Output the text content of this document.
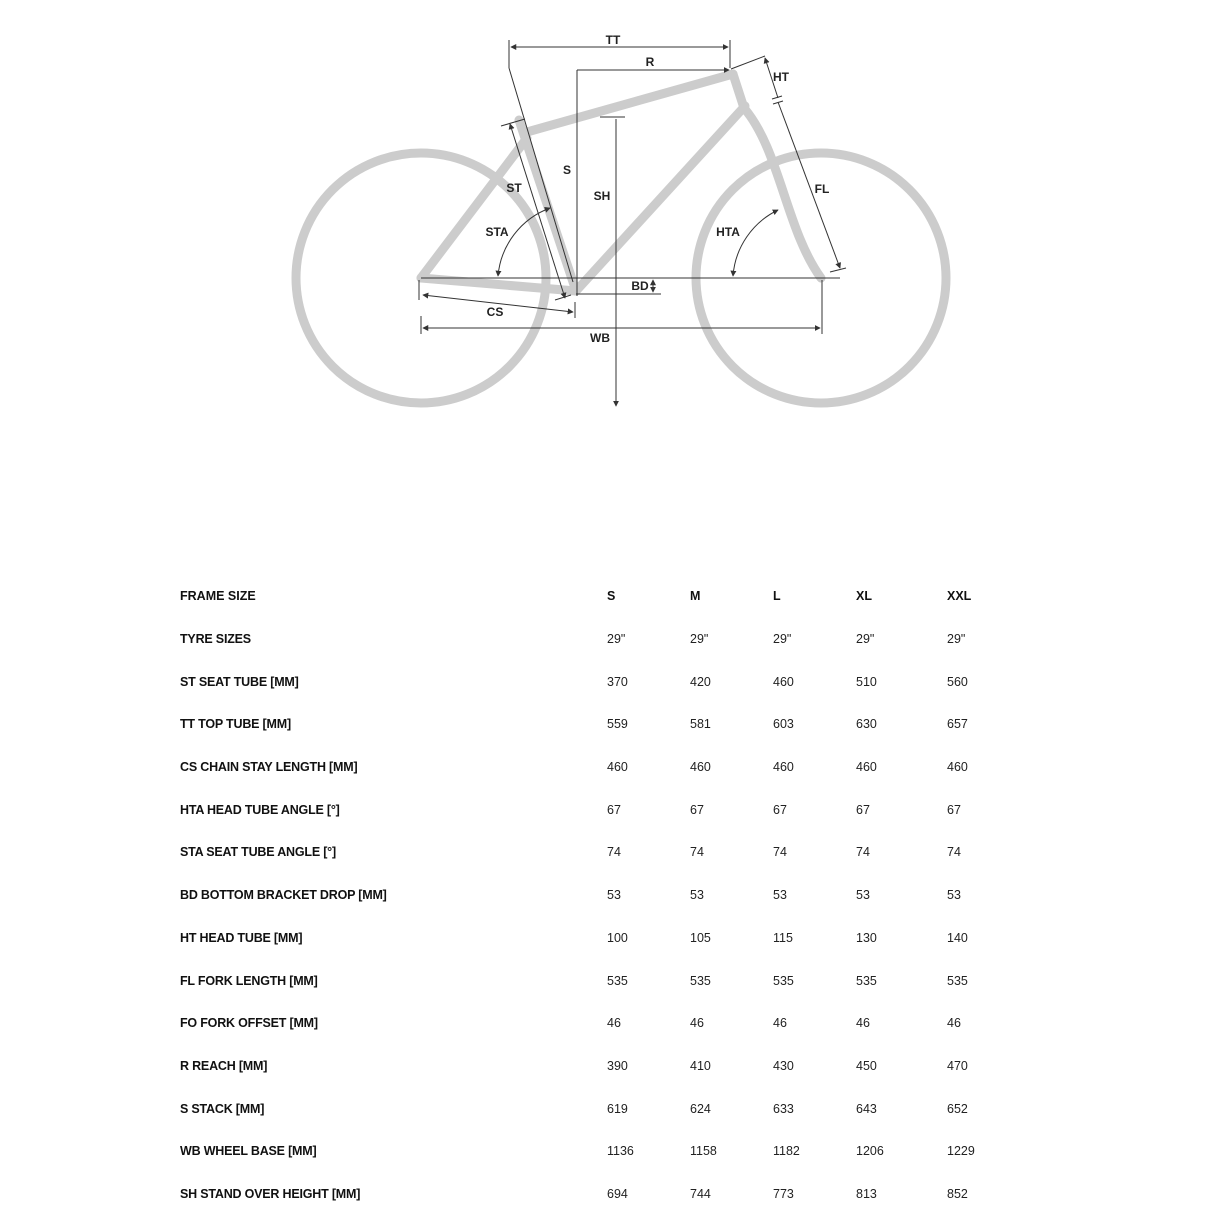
TT
R
HT
S
SH
ST
STA	HTA
FL
BD
CS
WB
FRAME SIZE	S	M	L	XL	XXL
TYRE SIZES	29"	29"	29"	29"	29"
ST SEAT TUBE [MM]	370	420	460	510	560
TT TOP TUBE [MM]	559	581	603	630	657
CS CHAIN STAY LENGTH [MM]	460	460	460	460	460
HTA HEAD TUBE ANGLE [°]	67	67	67	67	67
STA SEAT TUBE ANGLE [°]	74	74	74	74	74
BD BOTTOM BRACKET DROP [MM]	53	53	53	53	53
HT HEAD TUBE [MM]	100	105	115	130	140
FL FORK LENGTH [MM]	535	535	535	535	535
FO FORK OFFSET [MM]	46	46	46	46	46
R REACH [MM]	390	410	430	450	470
S STACK [MM]	619	624	633	643	652
WB WHEEL BASE [MM]	1136	1158	1182	1206	1229
SH STAND OVER HEIGHT [MM]	694	744	773	813	852
